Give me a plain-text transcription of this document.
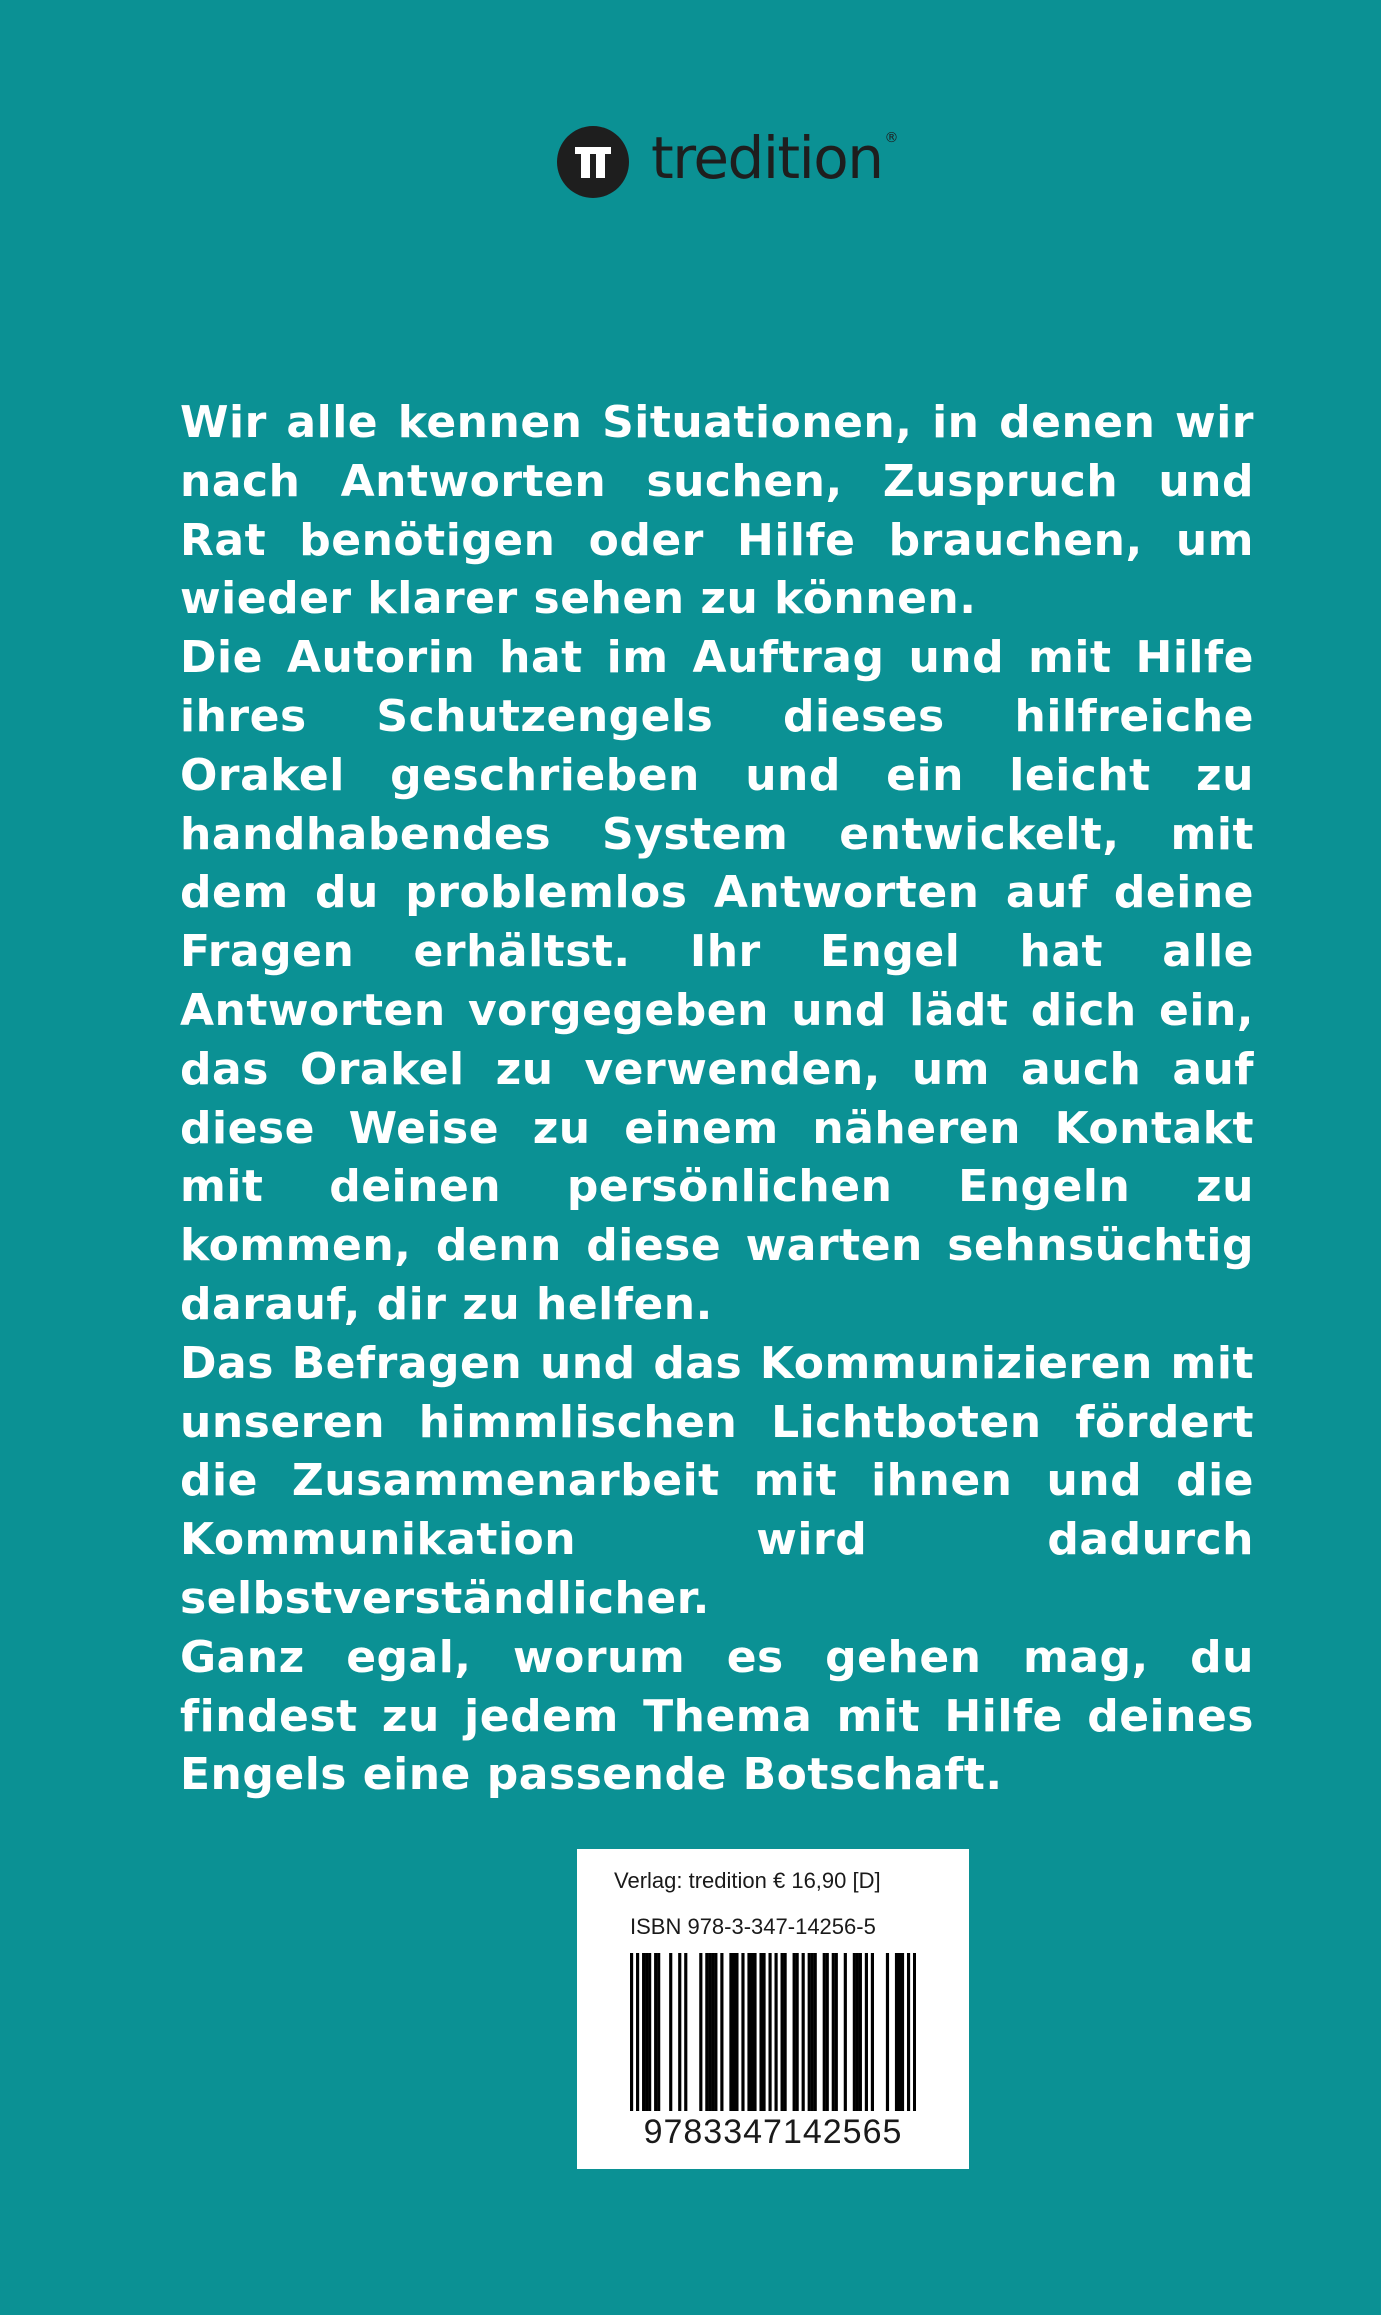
tredition ®

Wir alle kennen Situationen, in denen wir nach Antworten suchen, Zuspruch und Rat benötigen oder Hilfe brauchen, um wieder klarer sehen zu können.

Die Autorin hat im Auftrag und mit Hilfe ihres Schutzengels dieses hilfreiche Orakel geschrieben und ein leicht zu handhabendes System entwickelt, mit dem du problemlos Antworten auf deine Fragen erhältst. Ihr Engel hat alle Antworten vorgegeben und lädt dich ein, das Orakel zu verwenden, um auch auf diese Weise zu einem näheren Kontakt mit deinen persönlichen Engeln zu kommen, denn diese warten sehnsüchtig darauf, dir zu helfen.

Das Befragen und das Kommunizieren mit unseren himmlischen Lichtboten fördert die Zusammenarbeit mit ihnen und die Kommunikation wird dadurch selbstverständlicher.

Ganz egal, worum es gehen mag, du findest zu jedem Thema mit Hilfe deines Engels eine passende Botschaft.

Verlag: tredition € 16,90 [D]
ISBN 978-3-347-14256-5
9783347142565
